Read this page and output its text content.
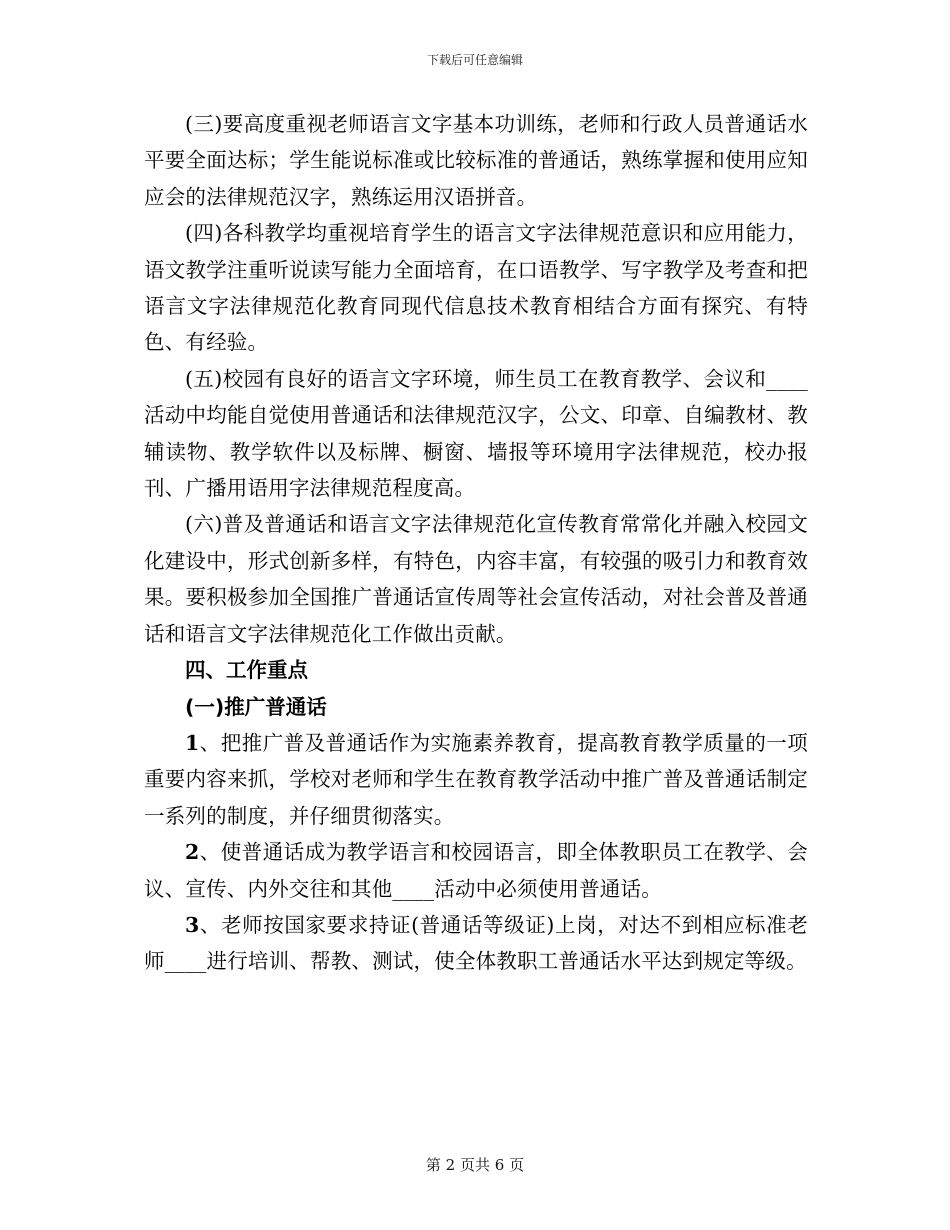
下载后可任意编辑

(三)要高度重视老师语言文字基本功训练，老师和行政人员普通话水平要全面达标；学生能说标准或比较标准的普通话，熟练掌握和使用应知应会的法律规范汉字，熟练运用汉语拼音。

(四)各科教学均重视培育学生的语言文字法律规范意识和应用能力，语文教学注重听说读写能力全面培育，在口语教学、写字教学及考查和把语言文字法律规范化教育同现代信息技术教育相结合方面有探究、有特色、有经验。

(五)校园有良好的语言文字环境，师生员工在教育教学、会议和____活动中均能自觉使用普通话和法律规范汉字，公文、印章、自编教材、教辅读物、教学软件以及标牌、橱窗、墙报等环境用字法律规范，校办报刊、广播用语用字法律规范程度高。

(六)普及普通话和语言文字法律规范化宣传教育常常化并融入校园文化建设中，形式创新多样，有特色，内容丰富，有较强的吸引力和教育效果。要积极参加全国推广普通话宣传周等社会宣传活动，对社会普及普通话和语言文字法律规范化工作做出贡献。

四、工作重点

(一)推广普通话

1、把推广普及普通话作为实施素养教育，提高教育教学质量的一项重要内容来抓，学校对老师和学生在教育教学活动中推广普及普通话制定一系列的制度，并仔细贯彻落实。

2、使普通话成为教学语言和校园语言，即全体教职员工在教学、会议、宣传、内外交往和其他____活动中必须使用普通话。

3、老师按国家要求持证(普通话等级证)上岗，对达不到相应标准老师____进行培训、帮教、测试，使全体教职工普通话水平达到规定等级。

第 2 页共 6 页
